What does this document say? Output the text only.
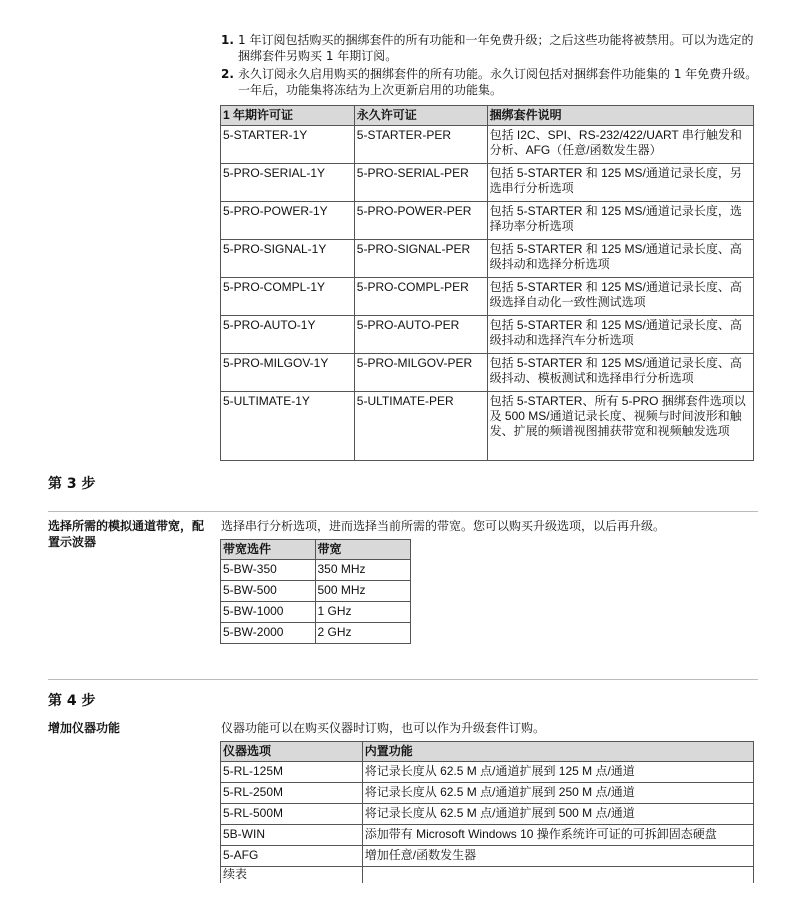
1. 1 年订阅包括购买的捆绑套件的所有功能和一年免费升级；之后这些功能将被禁用。可以为选定的捆绑套件另购买 1 年期订阅。
2. 永久订阅永久启用购买的捆绑套件的所有功能。永久订阅包括对捆绑套件功能集的 1 年免费升级。一年后，功能集将冻结为上次更新启用的功能集。
1 年期许可证	永久许可证	捆绑套件说明
5-STARTER-1Y	5-STARTER-PER	包括 I2C、SPI、RS-232/422/UART 串行触发和分析、AFG（任意/函数发生器）
5-PRO-SERIAL-1Y	5-PRO-SERIAL-PER	包括 5-STARTER 和 125 MS/通道记录长度，另选串行分析选项
5-PRO-POWER-1Y	5-PRO-POWER-PER	包括 5-STARTER 和 125 MS/通道记录长度，选择功率分析选项
5-PRO-SIGNAL-1Y	5-PRO-SIGNAL-PER	包括 5-STARTER 和 125 MS/通道记录长度、高级抖动和选择分析选项
5-PRO-COMPL-1Y	5-PRO-COMPL-PER	包括 5-STARTER 和 125 MS/通道记录长度、高级选择自动化一致性测试选项
5-PRO-AUTO-1Y	5-PRO-AUTO-PER	包括 5-STARTER 和 125 MS/通道记录长度、高级抖动和选择汽车分析选项
5-PRO-MILGOV-1Y	5-PRO-MILGOV-PER	包括 5-STARTER 和 125 MS/通道记录长度、高级抖动、模板测试和选择串行分析选项
5-ULTIMATE-1Y	5-ULTIMATE-PER	包括 5-STARTER、所有 5-PRO 捆绑套件选项以及 500 MS/通道记录长度、视频与时间波形和触发、扩展的频谱视图捕获带宽和视频触发选项
第 3 步
选择所需的模拟通道带宽，配置示波器
选择串行分析选项，进而选择当前所需的带宽。您可以购买升级选项，以后再升级。
带宽选件	带宽
5-BW-350	350 MHz
5-BW-500	500 MHz
5-BW-1000	1 GHz
5-BW-2000	2 GHz
第 4 步
增加仪器功能	仪器功能可以在购买仪器时订购，也可以作为升级套件订购。
仪器选项	内置功能
5-RL-125M	将记录长度从 62.5 M 点/通道扩展到 125 M 点/通道
5-RL-250M	将记录长度从 62.5 M 点/通道扩展到 250 M 点/通道
5-RL-500M	将记录长度从 62.5 M 点/通道扩展到 500 M 点/通道
5B-WIN	添加带有 Microsoft Windows 10 操作系统许可证的可拆卸固态硬盘
5-AFG	增加任意/函数发生器
续表	
